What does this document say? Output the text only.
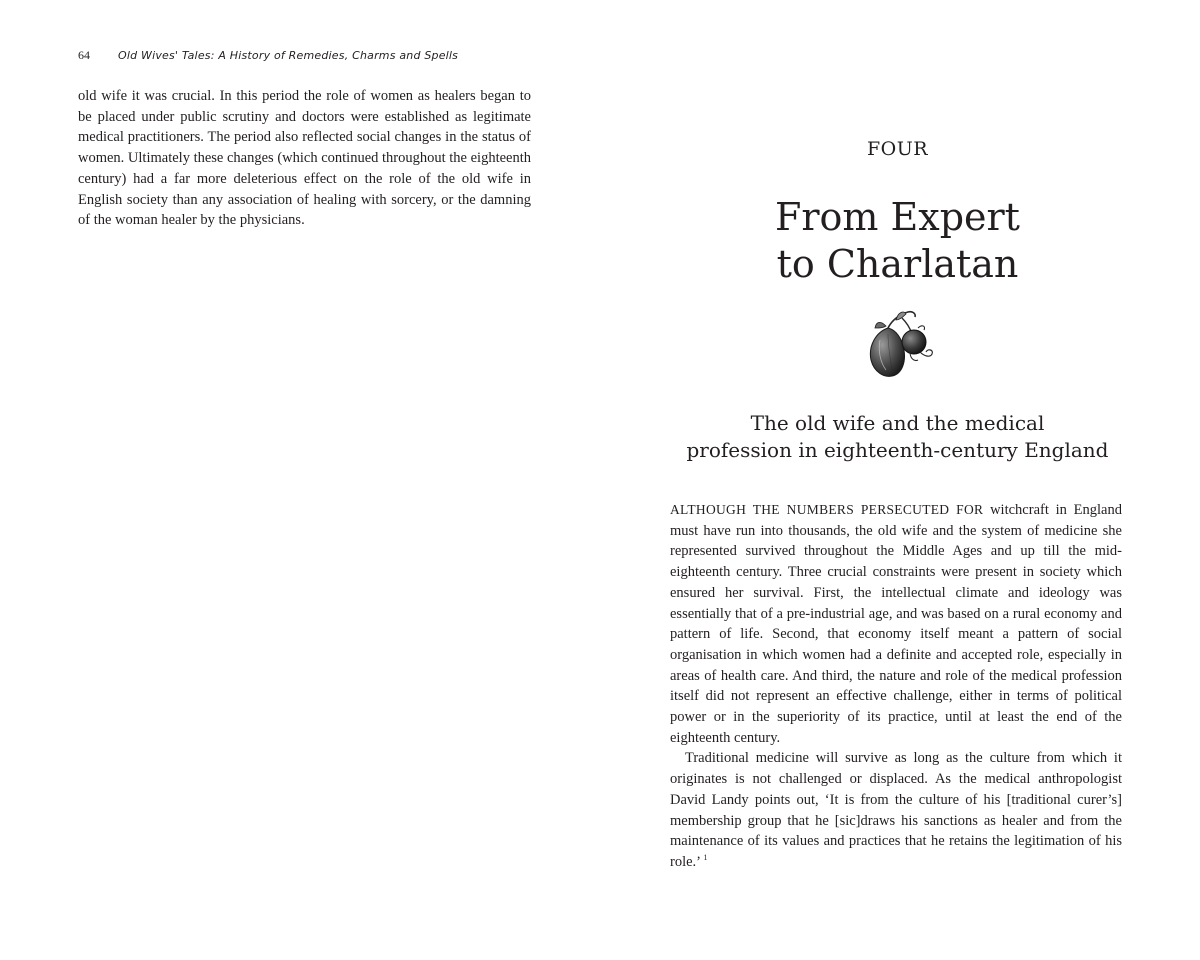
64	Old Wives' Tales: A History of Remedies, Charms and Spells

old wife it was crucial. In this period the role of women as healers began to be placed under public scrutiny and doctors were established as legitimate medical practitioners. The period also reflected social changes in the status of women. Ultimately these changes (which continued throughout the eighteenth century) had a far more deleterious effect on the role of the old wife in English society than any association of healing with sorcery, or the damning of the woman healer by the physicians.

FOUR
From Expert
to Charlatan
The old wife and the medical
profession in eighteenth-century England

ALTHOUGH THE NUMBERS PERSECUTED FOR witchcraft in England must have run into thousands, the old wife and the system of medicine she represented survived throughout the Middle Ages and up till the mid-eighteenth century. Three crucial constraints were present in society which ensured her survival. First, the intellectual climate and ideology was essentially that of a pre-industrial age, and was based on a rural economy and pattern of life. Second, that economy itself meant a pattern of social organisation in which women had a definite and accepted role, especially in areas of health care. And third, the nature and role of the medical profession itself did not represent an effective challenge, either in terms of political power or in the superiority of its practice, until at least the end of the eighteenth century.

Traditional medicine will survive as long as the culture from which it originates is not challenged or displaced. As the medical anthropologist David Landy points out, ‘It is from the culture of his [traditional curer’s] membership group that he [sic]draws his sanctions as healer and from the maintenance of its values and practices that he retains the legitimation of his role.’ $^1$
